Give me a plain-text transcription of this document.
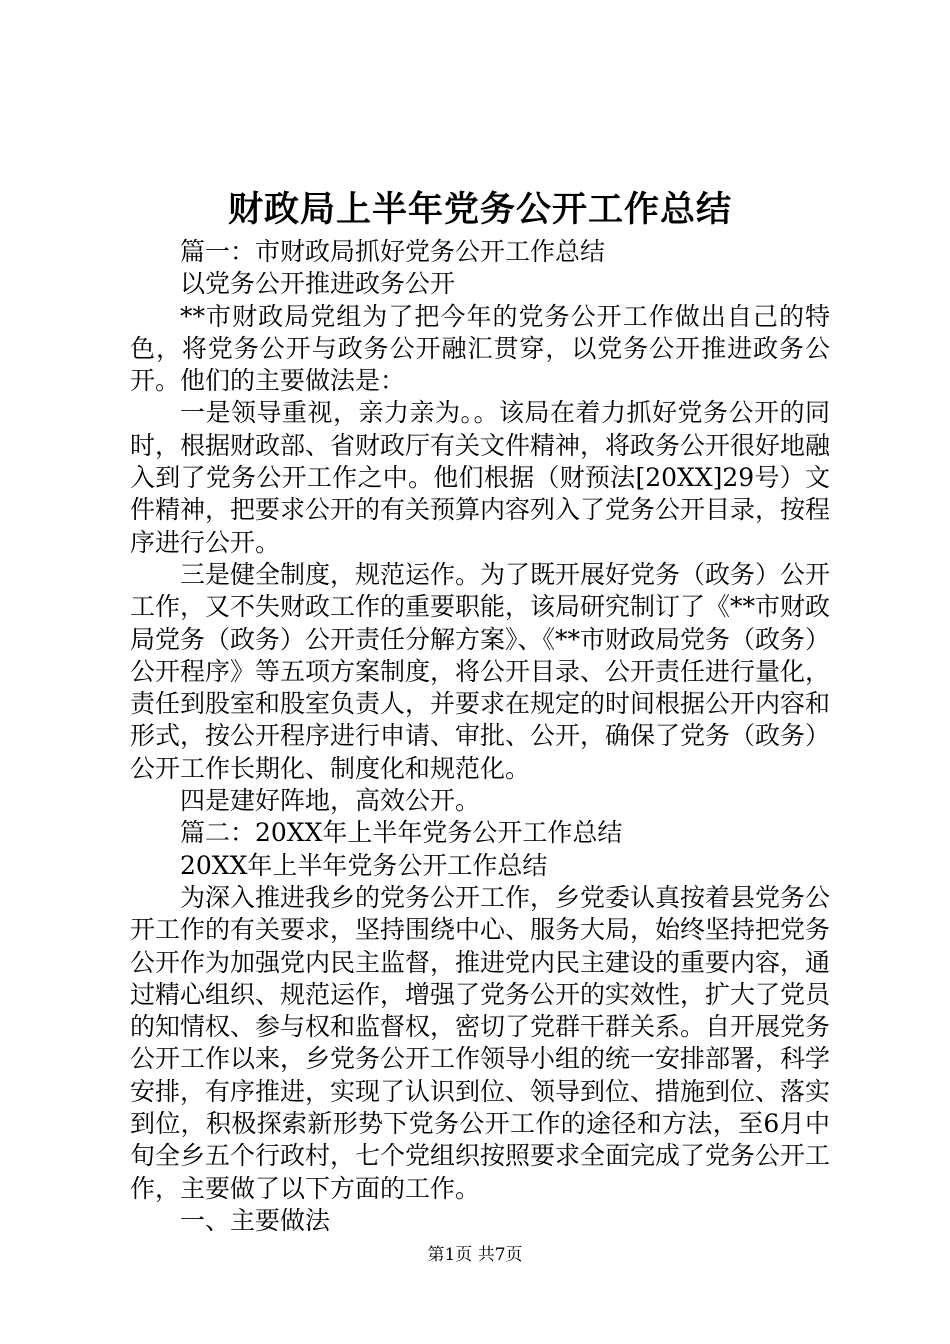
财政局上半年党务公开工作总结

篇一：市财政局抓好党务公开工作总结

以党务公开推进政务公开

**市财政局党组为了把今年的党务公开工作做出自己的特色，将党务公开与政务公开融汇贯穿，以党务公开推进政务公开。他们的主要做法是：

一是领导重视，亲力亲为。。该局在着力抓好党务公开的同时，根据财政部、省财政厅有关文件精神，将政务公开很好地融入到了党务公开工作之中。他们根据（财预法[20XX]29号）文件精神，把要求公开的有关预算内容列入了党务公开目录，按程序进行公开。

三是健全制度，规范运作。为了既开展好党务（政务）公开工作，又不失财政工作的重要职能，该局研究制订了《**市财政局党务（政务）公开责任分解方案》、《**市财政局党务（政务）公开程序》等五项方案制度，将公开目录、公开责任进行量化，责任到股室和股室负责人，并要求在规定的时间根据公开内容和形式，按公开程序进行申请、审批、公开，确保了党务（政务）公开工作长期化、制度化和规范化。

四是建好阵地，高效公开。

篇二：20XX年上半年党务公开工作总结

20XX年上半年党务公开工作总结

为深入推进我乡的党务公开工作，乡党委认真按着县党务公开工作的有关要求，坚持围绕中心、服务大局，始终坚持把党务公开作为加强党内民主监督，推进党内民主建设的重要内容，通过精心组织、规范运作，增强了党务公开的实效性，扩大了党员的知情权、参与权和监督权，密切了党群干群关系。自开展党务公开工作以来，乡党务公开工作领导小组的统一安排部署，科学安排，有序推进，实现了认识到位、领导到位、措施到位、落实到位，积极探索新形势下党务公开工作的途径和方法，至6月中旬全乡五个行政村，七个党组织按照要求全面完成了党务公开工作，主要做了以下方面的工作。

一、主要做法

第1页 共7页
